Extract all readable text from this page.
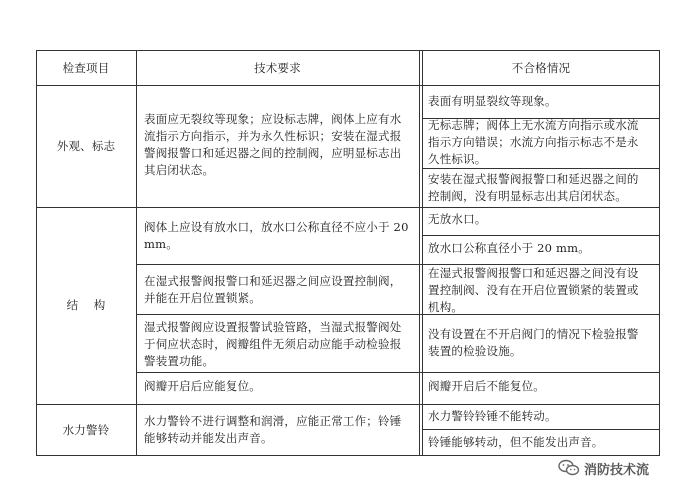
检查项目	技术要求	不合格情况
外观、标志
结    构
水力警铃
表面应无裂纹等现象；应设标志牌，阀体上应有水
流指示方向指示，并为永久性标识；安装在湿式报
警阀报警口和延迟器之间的控制阀，应明显标志出
其启闭状态。
阀体上应设有放水口，放水口公称直径不应小于 20
mm。
在湿式报警阀报警口和延迟器之间应设置控制阀，
并能在开启位置锁紧。
湿式报警阀应设置报警试验管路，当湿式报警阀处
于伺应状态时，阀瓣组件无须启动应能手动检验报
警装置功能。
阀瓣开启后应能复位。
水力警铃不进行调整和润滑，应能正常工作；铃锤
能够转动并能发出声音。
表面有明显裂纹等现象。
无标志牌；阀体上无水流方向指示或水流
指示方向错误；水流方向指示标志不是永
久性标识。
安装在湿式报警阀报警口和延迟器之间的
控制阀，没有明显标志出其启闭状态。
无放水口。
放水口公称直径小于 20 mm。
在湿式报警阀报警口和延迟器之间没有设
置控制阀、没有在开启位置锁紧的装置或
机构。
没有设置在不开启阀门的情况下检验报警
装置的检验设施。
阀瓣开启后不能复位。
水力警铃铃锤不能转动。
铃锤能够转动，但不能发出声音。
消防技术流
